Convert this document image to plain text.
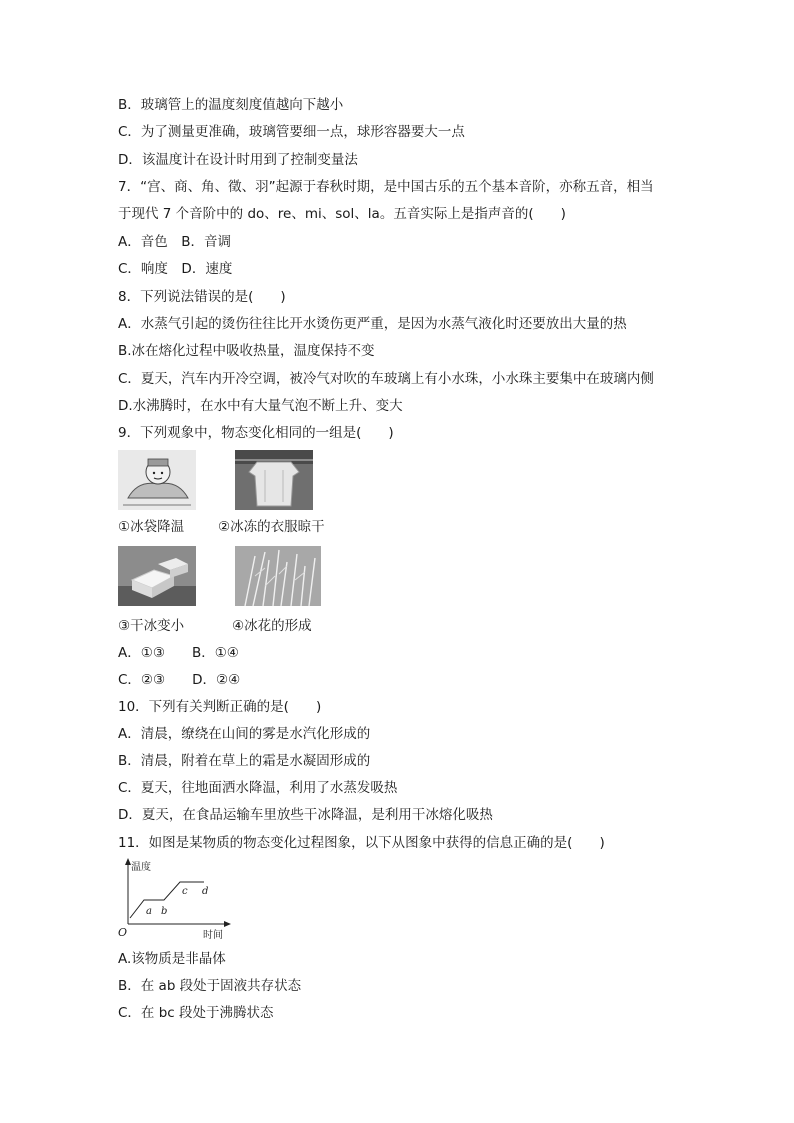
B．玻璃管上的温度刻度值越向下越小
C．为了测量更准确，玻璃管要细一点，球形容器要大一点
D．该温度计在设计时用到了控制变量法
7．“宫、商、角、徵、羽”起源于春秋时期，是中国古乐的五个基本音阶，亦称五音，相当
于现代 7 个音阶中的 do、re、mi、sol、la。五音实际上是指声音的(　　)
A．音色　B．音调
C．响度　D．速度
8．下列说法错误的是(　　)
A．水蒸气引起的烫伤往往比开水烫伤更严重，是因为水蒸气液化时还要放出大量的热
B.冰在熔化过程中吸收热量，温度保持不变
C．夏天，汽车内开冷空调，被冷气对吹的车玻璃上有小水珠，小水珠主要集中在玻璃内侧
D.水沸腾时，在水中有大量气泡不断上升、变大
9．下列观象中，物态变化相同的一组是(　　)
①冰袋降温	②冰冻的衣服晾干
③干冰变小	④冰花的形成
A．①③　　B．①④
C．②③　　D．②④
10．下列有关判断正确的是(　　)
A．清晨，缭绕在山间的雾是水汽化形成的
B．清晨，附着在草上的霜是水凝固形成的
C．夏天，往地面洒水降温，利用了水蒸发吸热
D．夏天，在食品运输车里放些干冰降温，是利用干冰熔化吸热
11．如图是某物质的物态变化过程图象，以下从图象中获得的信息正确的是(　　)
温度
时间
O
a b
c d
A.该物质是非晶体
B．在 ab 段处于固液共存状态
C．在 bc 段处于沸腾状态
